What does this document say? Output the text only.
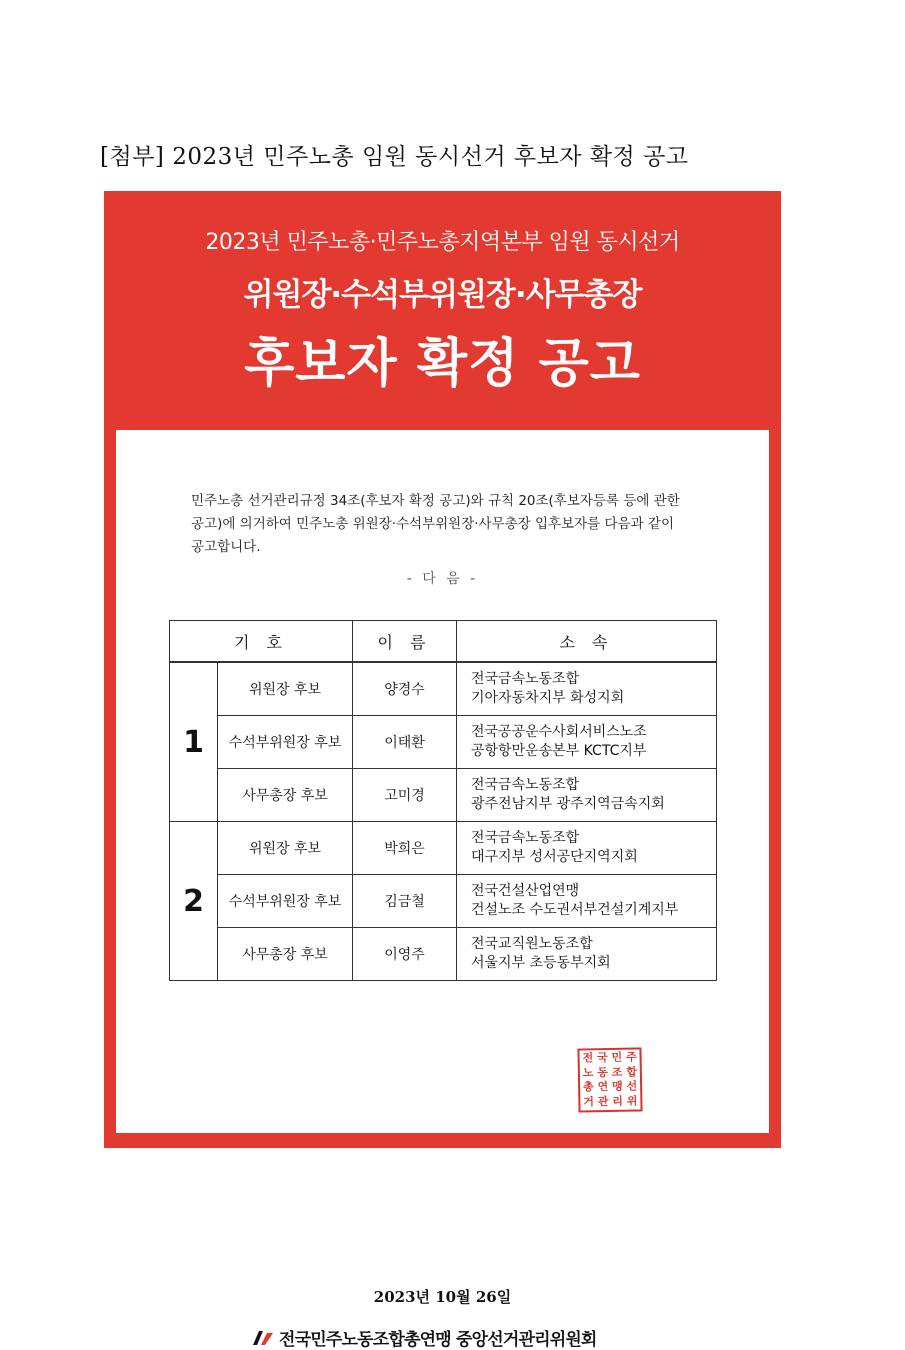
[첨부] 2023년 민주노총 임원 동시선거 후보자 확정 공고
2023년 민주노총·민주노총지역본부 임원 동시선거
위원장·수석부위원장·사무총장
후보자 확정 공고
민주노총 선거관리규정 34조(후보자 확정 공고)와 규칙 20조(후보자등록 등에 관한
공고)에 의거하여 민주노총 위원장·수석부위원장·사무총장 입후보자를 다음과 같이
공고합니다.
- 다 음 -
기 호		이 름	소 속
1	위원장 후보	양경수	전국금속노동조합
기아자동차지부 화성지회

	수석부위원장 후보	이태환	전국공공운수사회서비스노조
공항항만운송본부 KCTC지부

	사무총장 후보	고미경	전국금속노동조합
광주전남지부 광주지역금속지회

2	위원장 후보	박희은	전국금속노동조합
대구지부 성서공단지역지회

	수석부위원장 후보	김금철	전국건설산업연맹
건설노조 수도권서부건설기계지부

	사무총장 후보	이영주	전국교직원노동조합
서울지부 초등동부지회
2023년 10월 26일
전국민주노동조합총연맹 중앙선거관리위원회
전 국 민 주
노 동 조 합
총 연 맹 선
거 관 리 위
